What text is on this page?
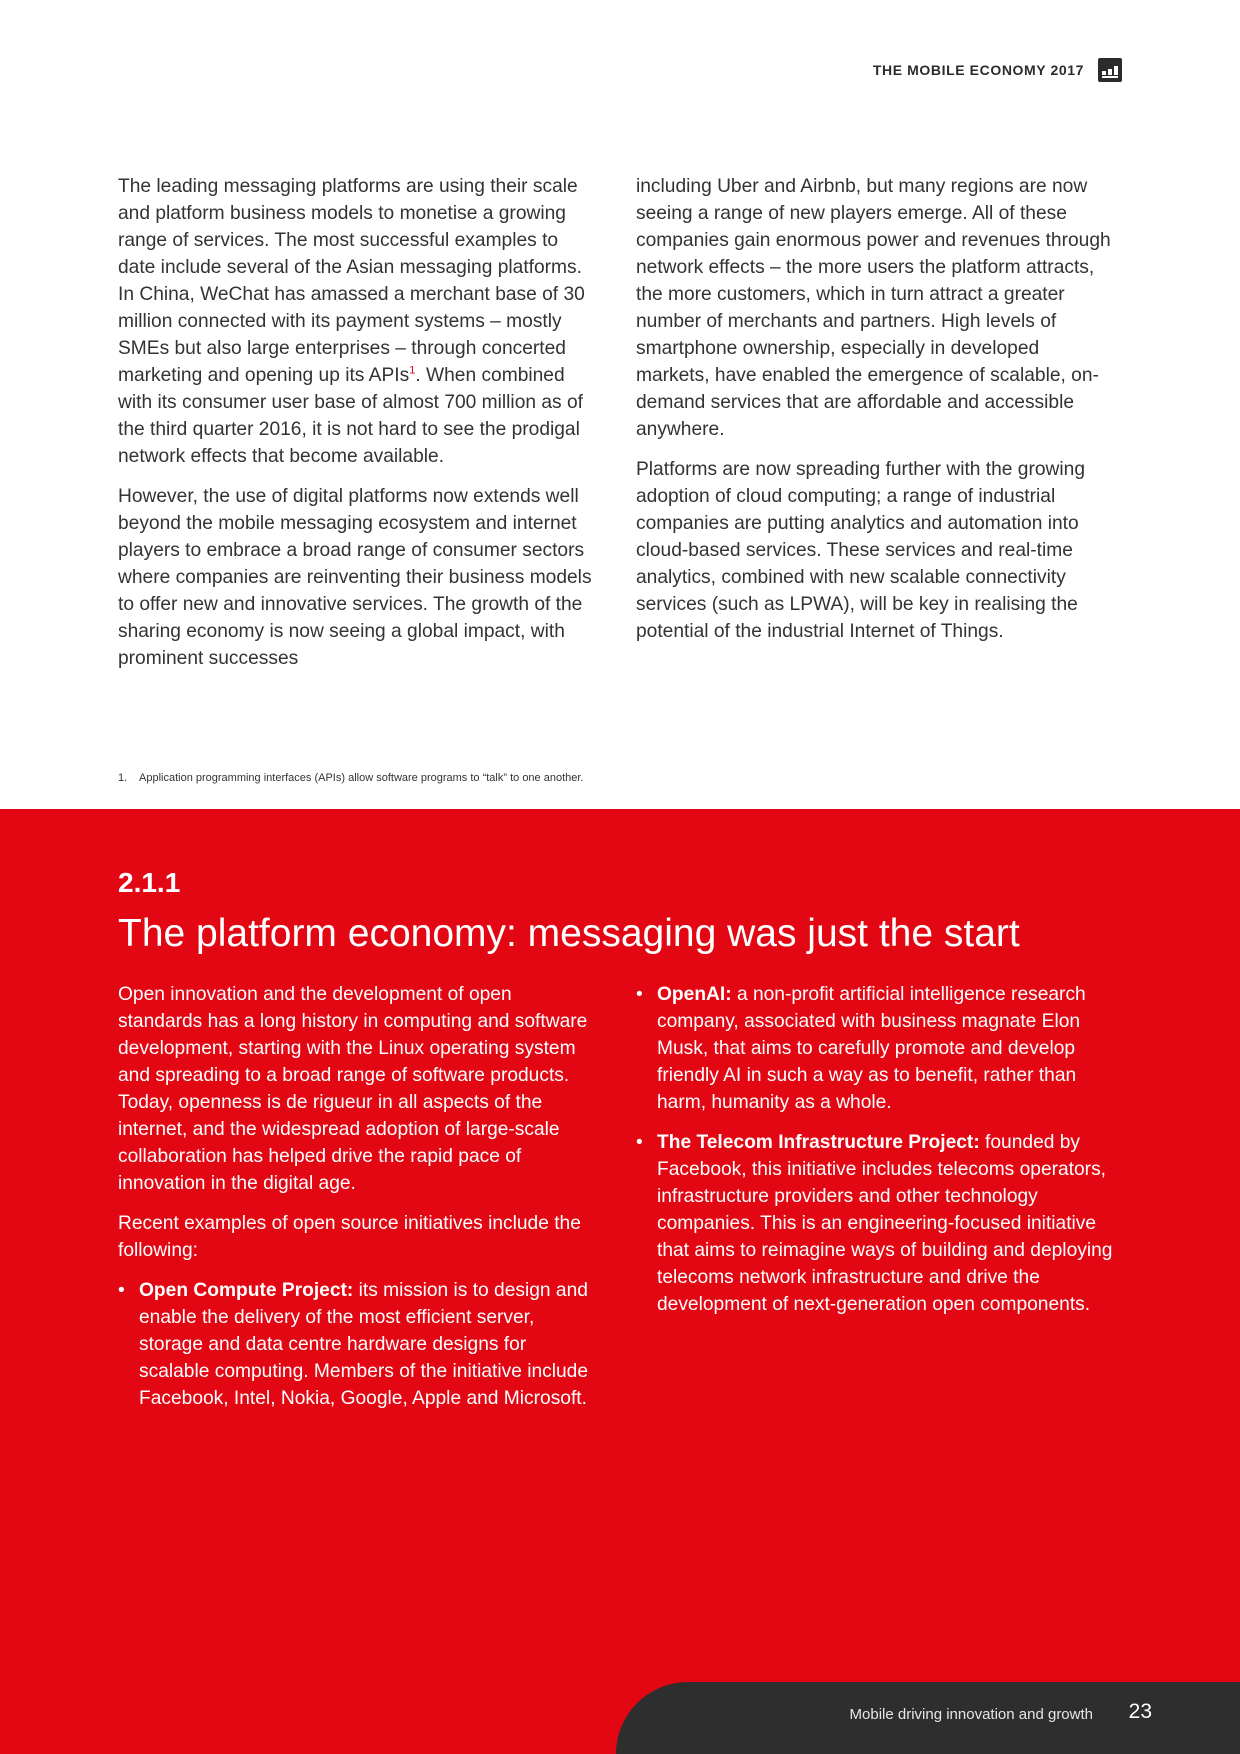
THE MOBILE ECONOMY 2017

The leading messaging platforms are using their scale and platform business models to monetise a growing range of services. The most successful examples to date include several of the Asian messaging platforms. In China, WeChat has amassed a merchant base of 30 million connected with its payment systems – mostly SMEs but also large enterprises – through concerted marketing and opening up its APIs$^1$. When combined with its consumer user base of almost 700 million as of the third quarter 2016, it is not hard to see the prodigal network effects that become available.

However, the use of digital platforms now extends well beyond the mobile messaging ecosystem and internet players to embrace a broad range of consumer sectors where companies are reinventing their business models to offer new and innovative services. The growth of the sharing economy is now seeing a global impact, with prominent successes

including Uber and Airbnb, but many regions are now seeing a range of new players emerge. All of these companies gain enormous power and revenues through network effects – the more users the platform attracts, the more customers, which in turn attract a greater number of merchants and partners. High levels of smartphone ownership, especially in developed markets, have enabled the emergence of scalable, on-demand services that are affordable and accessible anywhere.

Platforms are now spreading further with the growing adoption of cloud computing; a range of industrial companies are putting analytics and automation into cloud-based services. These services and real-time analytics, combined with new scalable connectivity services (such as LPWA), will be key in realising the potential of the industrial Internet of Things.

1. Application programming interfaces (APIs) allow software programs to “talk” to one another.
2.1.1
The platform economy: messaging was just the start

Open innovation and the development of open standards has a long history in computing and software development, starting with the Linux operating system and spreading to a broad range of software products. Today, openness is de rigueur in all aspects of the internet, and the widespread adoption of large-scale collaboration has helped drive the rapid pace of innovation in the digital age.

Recent examples of open source initiatives include the following:

• Open Compute Project: its mission is to design and enable the delivery of the most efficient server, storage and data centre hardware designs for scalable computing. Members of the initiative include Facebook, Intel, Nokia, Google, Apple and Microsoft.
• OpenAI: a non-profit artificial intelligence research company, associated with business magnate Elon Musk, that aims to carefully promote and develop friendly AI in such a way as to benefit, rather than harm, humanity as a whole.
• The Telecom Infrastructure Project: founded by Facebook, this initiative includes telecoms operators, infrastructure providers and other technology companies. This is an engineering-focused initiative that aims to reimagine ways of building and deploying telecoms network infrastructure and drive the development of next-generation open components.
Mobile driving innovation and growth 23
